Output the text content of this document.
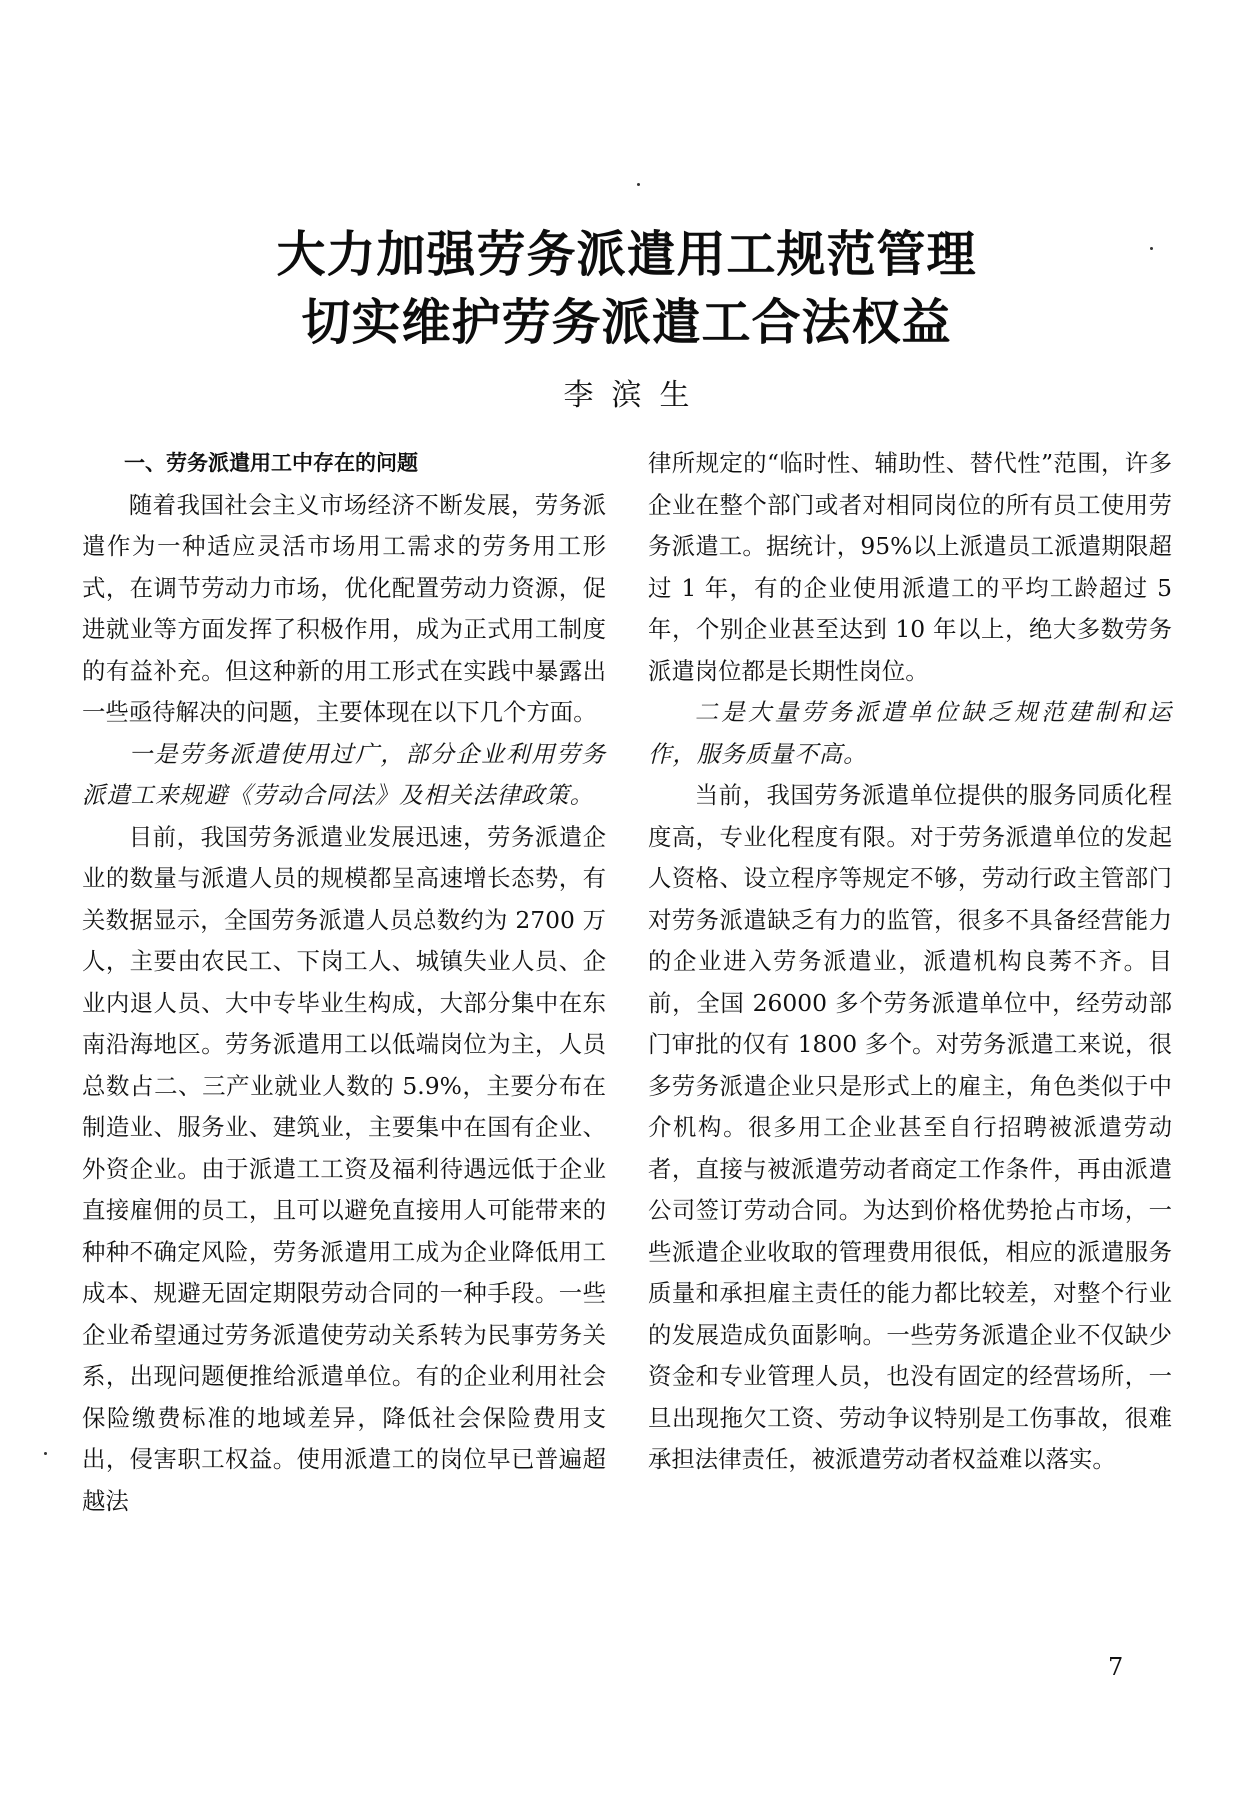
大力加强劳务派遣用工规范管理
切实维护劳务派遣工合法权益
李滨生
一、劳务派遣用工中存在的问题

随着我国社会主义市场经济不断发展，劳务派遣作为一种适应灵活市场用工需求的劳务用工形式，在调节劳动力市场，优化配置劳动力资源，促进就业等方面发挥了积极作用，成为正式用工制度的有益补充。但这种新的用工形式在实践中暴露出一些亟待解决的问题，主要体现在以下几个方面。

一是劳务派遣使用过广，部分企业利用劳务派遣工来规避《劳动合同法》及相关法律政策。

目前，我国劳务派遣业发展迅速，劳务派遣企业的数量与派遣人员的规模都呈高速增长态势，有关数据显示，全国劳务派遣人员总数约为 2700 万人，主要由农民工、下岗工人、城镇失业人员、企业内退人员、大中专毕业生构成，大部分集中在东南沿海地区。劳务派遣用工以低端岗位为主，人员总数占二、三产业就业人数的 5.9%，主要分布在制造业、服务业、建筑业，主要集中在国有企业、外资企业。由于派遣工工资及福利待遇远低于企业直接雇佣的员工，且可以避免直接用人可能带来的种种不确定风险，劳务派遣用工成为企业降低用工成本、规避无固定期限劳动合同的一种手段。一些企业希望通过劳务派遣使劳动关系转为民事劳务关系，出现问题便推给派遣单位。有的企业利用社会保险缴费标准的地域差异，降低社会保险费用支出，侵害职工权益。使用派遣工的岗位早已普遍超越法

律所规定的“临时性、辅助性、替代性”范围，许多企业在整个部门或者对相同岗位的所有员工使用劳务派遣工。据统计，95%以上派遣员工派遣期限超过 1 年，有的企业使用派遣工的平均工龄超过 5 年，个别企业甚至达到 10 年以上，绝大多数劳务派遣岗位都是长期性岗位。

二是大量劳务派遣单位缺乏规范建制和运作，服务质量不高。

当前，我国劳务派遣单位提供的服务同质化程度高，专业化程度有限。对于劳务派遣单位的发起人资格、设立程序等规定不够，劳动行政主管部门对劳务派遣缺乏有力的监管，很多不具备经营能力的企业进入劳务派遣业，派遣机构良莠不齐。目前，全国 26000 多个劳务派遣单位中，经劳动部门审批的仅有 1800 多个。对劳务派遣工来说，很多劳务派遣企业只是形式上的雇主，角色类似于中介机构。很多用工企业甚至自行招聘被派遣劳动者，直接与被派遣劳动者商定工作条件，再由派遣公司签订劳动合同。为达到价格优势抢占市场，一些派遣企业收取的管理费用很低，相应的派遣服务质量和承担雇主责任的能力都比较差，对整个行业的发展造成负面影响。一些劳务派遣企业不仅缺少资金和专业管理人员，也没有固定的经营场所，一旦出现拖欠工资、劳动争议特别是工伤事故，很难承担法律责任，被派遣劳动者权益难以落实。

7
